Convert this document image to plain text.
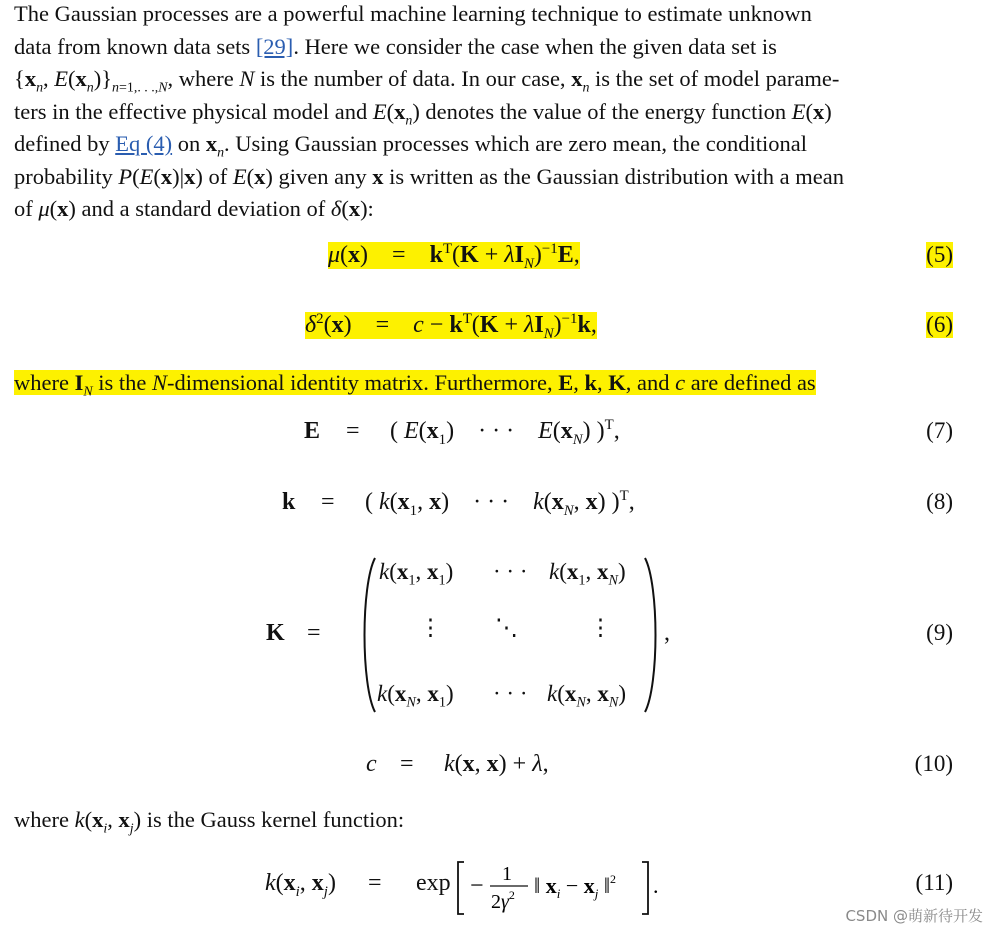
The Gaussian processes are a powerful machine learning technique to estimate unknown
data from known data sets [29]. Here we consider the case when the given data set is
{$x_n$, $E(x_n)\}_{n=1,. . .,N}$, where N is the number of data. In our case, $x_n$ is the set of model parame-
ters in the effective physical model and $E(x_n)$ denotes the value of the energy function E(x)
defined by Eq (4) on $x_n$. Using Gaussian processes which are zero mean, the conditional
probability P(E(x)|x) of E(x) given any x is written as the Gaussian distribution with a mean
of μ(x) and a standard deviation of δ(x):
μ(x)    =    $k^T(K + \lambda I_N)^{-1}E$,	(5)
$\delta^2(x)$    =    $c - k^T(K + \lambda I_N)^{-1}k$,	(6)
where $I_N$ is the N-dimensional identity matrix. Furthermore, E, k, K, and c are defined as
E = ( $E(x_1)$    · · ·    $E(x_N)$ )$^T$,	(7)
k = ( $k(x_1$, x)    · · ·    $k(x_N$, x) )$^T$,	(8)
K =	,	(9)
$k(x_1$, $x_1$) · · · $k(x_1$, $x_N$)
⋮ ⋱	⋮
$k(x_N$, $x_1$) · · · $k(x_N$, $x_N$)
c = k(x, x) + λ,	(10)
where $k(x_i$, $x_j$) is the Gauss kernel function:
$k(x_i$, $x_j) = \exp - 1$
$2\gamma^2$ ‖ $x_i - x_j$ ‖$^2$ .	(11)
CSDN @萌新待开发
